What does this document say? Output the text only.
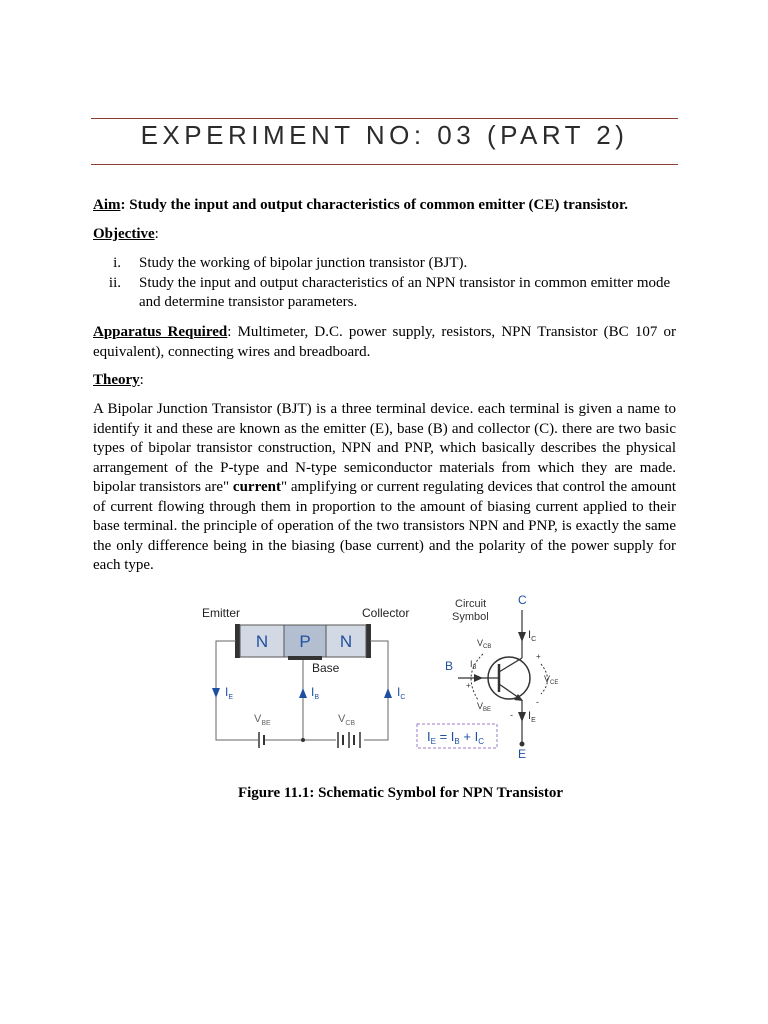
EXPERIMENT NO: 03 (PART 2)
Aim: Study the input and output characteristics of common emitter (CE) transistor.
Objective:
i. Study the working of bipolar junction transistor (BJT).
ii. Study the input and output characteristics of an NPN transistor in common emitter mode and determine transistor parameters.
Apparatus Required: Multimeter, D.C. power supply, resistors, NPN Transistor (BC 107 or equivalent), connecting wires and breadboard.
Theory:
A Bipolar Junction Transistor (BJT) is a three terminal device. each terminal is given a name to identify it and these are known as the emitter (E), base (B) and collector (C). there are two basic types of bipolar transistor construction, NPN and PNP, which basically describes the physical arrangement of the P-type and N-type semiconductor materials from which they are made. bipolar transistors are" current" amplifying or current regulating devices that control the amount of current flowing through them in proportion to the amount of biasing current applied to their base terminal. the principle of operation of the two transistors NPN and PNP, is exactly the same the only difference being in the biasing (base current) and the polarity of the power supply for each type.
Emitter	Collector
N P N
Base
$I_E$	$I_B$	$I_C$
$V_{BE}$	$V_{CB}$
Circuit
Symbol
C
$I_C$
$V_{CB}$
B $I_B$
$I_E$
E
$V_{CE}$
$V_{BE}$
+
+
-
-
$I_E = I_B + I_C$
Figure 11.1: Schematic Symbol for NPN Transistor
